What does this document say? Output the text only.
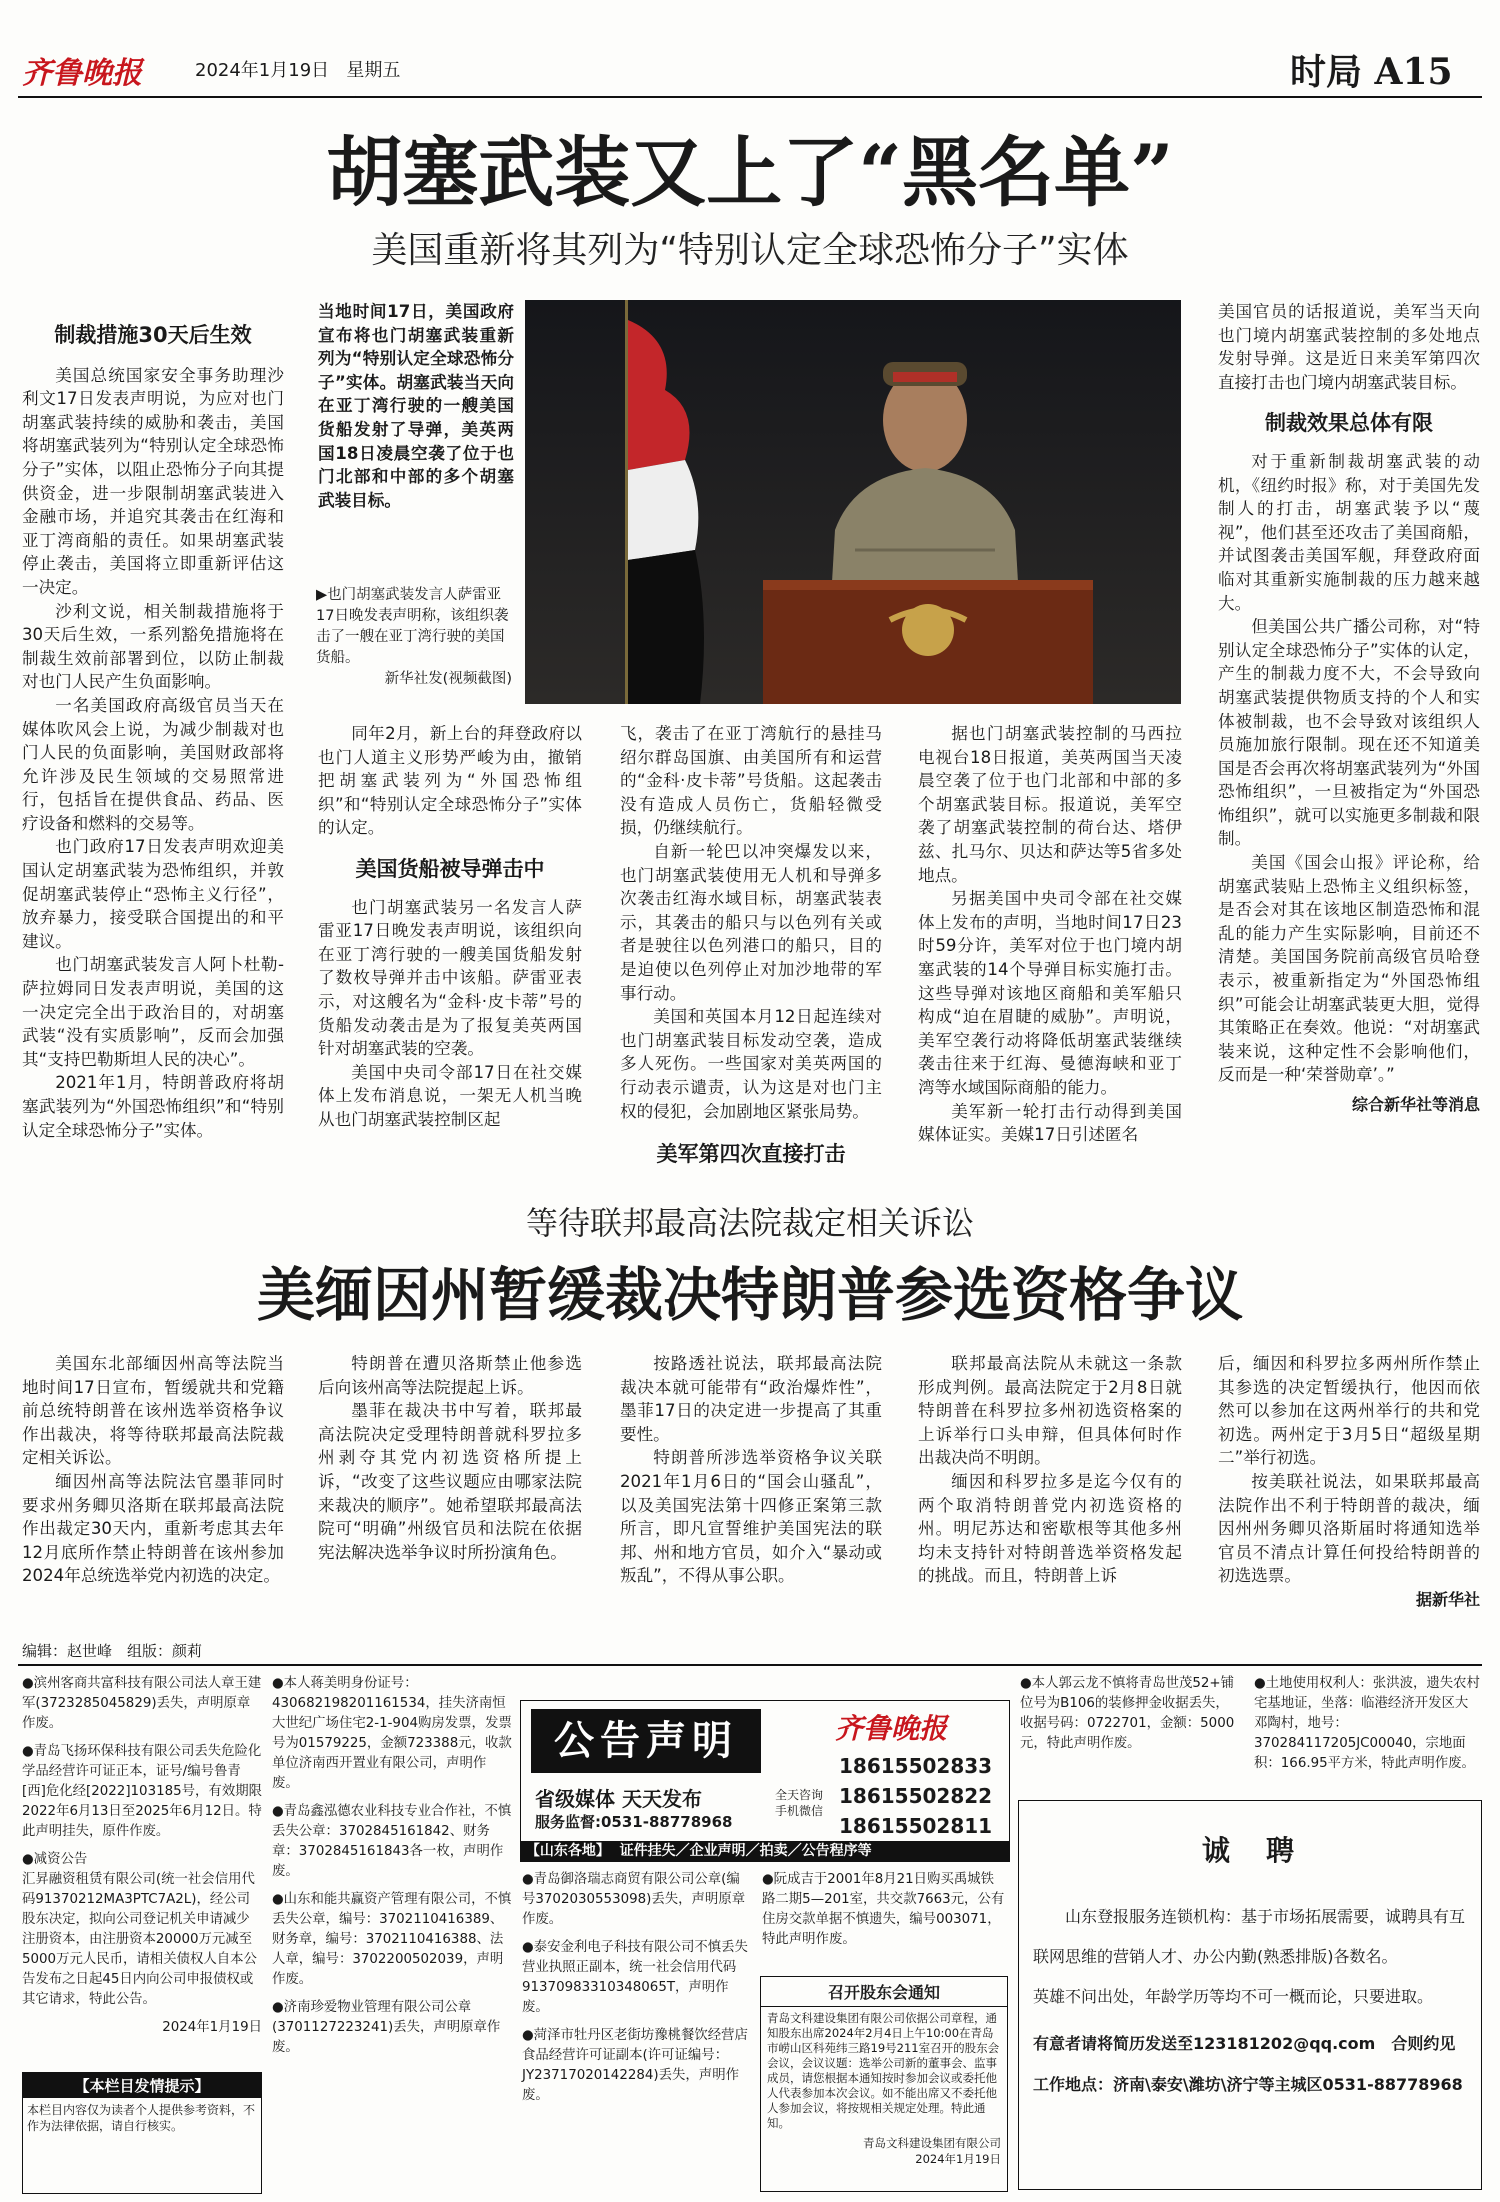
齐鲁晚报	2024年1月19日 星期五	时局 A15
胡塞武装又上了“黑名单”
美国重新将其列为“特别认定全球恐怖分子”实体
制裁措施30天后生效

美国总统国家安全事务助理沙利文17日发表声明说，为应对也门胡塞武装持续的威胁和袭击，美国将胡塞武装列为“特别认定全球恐怖分子”实体，以阻止恐怖分子向其提供资金，进一步限制胡塞武装进入金融市场，并追究其袭击在红海和亚丁湾商船的责任。如果胡塞武装停止袭击，美国将立即重新评估这一决定。

沙利文说，相关制裁措施将于30天后生效，一系列豁免措施将在制裁生效前部署到位，以防止制裁对也门人民产生负面影响。

一名美国政府高级官员当天在媒体吹风会上说，为减少制裁对也门人民的负面影响，美国财政部将允许涉及民生领域的交易照常进行，包括旨在提供食品、药品、医疗设备和燃料的交易等。

也门政府17日发表声明欢迎美国认定胡塞武装为恐怖组织，并敦促胡塞武装停止“恐怖主义行径”，放弃暴力，接受联合国提出的和平建议。

也门胡塞武装发言人阿卜杜勒-萨拉姆同日发表声明说，美国的这一决定完全出于政治目的，对胡塞武装“没有实质影响”，反而会加强其“支持巴勒斯坦人民的决心”。

2021年1月，特朗普政府将胡塞武装列为“外国恐怖组织”和“特别认定全球恐怖分子”实体。

当地时间17日，美国政府宣布将也门胡塞武装重新列为“特别认定全球恐怖分子”实体。胡塞武装当天向在亚丁湾行驶的一艘美国货船发射了导弹，美英两国18日凌晨空袭了位于也门北部和中部的多个胡塞武装目标。
▶也门胡塞武装发言人萨雷亚17日晚发表声明称，该组织袭击了一艘在亚丁湾行驶的美国货船。
新华社发(视频截图)

同年2月，新上台的拜登政府以也门人道主义形势严峻为由，撤销把胡塞武装列为“外国恐怖组织”和“特别认定全球恐怖分子”实体的认定。

美国货船被导弹击中

也门胡塞武装另一名发言人萨雷亚17日晚发表声明说，该组织向在亚丁湾行驶的一艘美国货船发射了数枚导弹并击中该船。萨雷亚表示，对这艘名为“金科·皮卡蒂”号的货船发动袭击是为了报复美英两国针对胡塞武装的空袭。

美国中央司令部17日在社交媒体上发布消息说，一架无人机当晚从也门胡塞武装控制区起

飞，袭击了在亚丁湾航行的悬挂马绍尔群岛国旗、由美国所有和运营的“金科·皮卡蒂”号货船。这起袭击没有造成人员伤亡，货船轻微受损，仍继续航行。

自新一轮巴以冲突爆发以来，也门胡塞武装使用无人机和导弹多次袭击红海水域目标，胡塞武装表示，其袭击的船只与以色列有关或者是驶往以色列港口的船只，目的是迫使以色列停止对加沙地带的军事行动。

美国和英国本月12日起连续对也门胡塞武装目标发动空袭，造成多人死伤。一些国家对美英两国的行动表示谴责，认为这是对也门主权的侵犯，会加剧地区紧张局势。

美军第四次直接打击

据也门胡塞武装控制的马西拉电视台18日报道，美英两国当天凌晨空袭了位于也门北部和中部的多个胡塞武装目标。报道说，美军空袭了胡塞武装控制的荷台达、塔伊兹、扎马尔、贝达和萨达等5省多处地点。

另据美国中央司令部在社交媒体上发布的声明，当地时间17日23时59分许，美军对位于也门境内胡塞武装的14个导弹目标实施打击。这些导弹对该地区商船和美军船只构成“迫在眉睫的威胁”。声明说，美军空袭行动将降低胡塞武装继续袭击往来于红海、曼德海峡和亚丁湾等水域国际商船的能力。

美军新一轮打击行动得到美国媒体证实。美媒17日引述匿名

美国官员的话报道说，美军当天向也门境内胡塞武装控制的多处地点发射导弹。这是近日来美军第四次直接打击也门境内胡塞武装目标。

制裁效果总体有限

对于重新制裁胡塞武装的动机，《纽约时报》称，对于美国先发制人的打击，胡塞武装予以“蔑视”，他们甚至还攻击了美国商船，并试图袭击美国军舰，拜登政府面临对其重新实施制裁的压力越来越大。

但美国公共广播公司称，对“特别认定全球恐怖分子”实体的认定，产生的制裁力度不大，不会导致向胡塞武装提供物质支持的个人和实体被制裁，也不会导致对该组织人员施加旅行限制。现在还不知道美国是否会再次将胡塞武装列为“外国恐怖组织”，一旦被指定为“外国恐怖组织”，就可以实施更多制裁和限制。

美国《国会山报》评论称，给胡塞武装贴上恐怖主义组织标签，是否会对其在该地区制造恐怖和混乱的能力产生实际影响，目前还不清楚。美国国务院前高级官员哈登表示，被重新指定为“外国恐怖组织”可能会让胡塞武装更大胆，觉得其策略正在奏效。他说：“对胡塞武装来说，这种定性不会影响他们，反而是一种‘荣誉勋章’。”

综合新华社等消息
等待联邦最高法院裁定相关诉讼
美缅因州暂缓裁决特朗普参选资格争议

美国东北部缅因州高等法院当地时间17日宣布，暂缓就共和党籍前总统特朗普在该州选举资格争议作出裁决，将等待联邦最高法院裁定相关诉讼。

缅因州高等法院法官墨菲同时要求州务卿贝洛斯在联邦最高法院作出裁定30天内，重新考虑其去年12月底所作禁止特朗普在该州参加2024年总统选举党内初选的决定。

特朗普在遭贝洛斯禁止他参选后向该州高等法院提起上诉。

墨菲在裁决书中写着，联邦最高法院决定受理特朗普就科罗拉多州剥夺其党内初选资格所提上诉，“改变了这些议题应由哪家法院来裁决的顺序”。她希望联邦最高法院可“明确”州级官员和法院在依据宪法解决选举争议时所扮演角色。

按路透社说法，联邦最高法院裁决本就可能带有“政治爆炸性”，墨菲17日的决定进一步提高了其重要性。

特朗普所涉选举资格争议关联2021年1月6日的“国会山骚乱”，以及美国宪法第十四修正案第三款所言，即凡宣誓维护美国宪法的联邦、州和地方官员，如介入“暴动或叛乱”，不得从事公职。

联邦最高法院从未就这一条款形成判例。最高法院定于2月8日就特朗普在科罗拉多州初选资格案的上诉举行口头申辩，但具体何时作出裁决尚不明朗。

缅因和科罗拉多是迄今仅有的两个取消特朗普党内初选资格的州。明尼苏达和密歇根等其他多州均未支持针对特朗普选举资格发起的挑战。而且，特朗普上诉

后，缅因和科罗拉多两州所作禁止其参选的决定暂缓执行，他因而依然可以参加在这两州举行的共和党初选。两州定于3月5日“超级星期二”举行初选。

按美联社说法，如果联邦最高法院作出不利于特朗普的裁决，缅因州州务卿贝洛斯届时将通知选举官员不清点计算任何投给特朗普的初选选票。

据新华社
编辑：赵世峰　组版：颜莉

●滨州客商共富科技有限公司法人章王建军(3723285045829)丢失，声明原章作废。

●青岛飞扬环保科技有限公司丢失危险化学品经营许可证正本，证号/编号鲁青[西]危化经[2022]103185号，有效期限2022年6月13日至2025年6月12日。特此声明挂失，原件作废。

●减资公告

汇昇融资租赁有限公司(统一社会信用代码91370212MA3PTC7A2L)，经公司股东决定，拟向公司登记机关申请减少注册资本，由注册资本20000万元减至5000万元人民币，请相关债权人自本公告发布之日起45日内向公司申报债权或其它请求，特此公告。

2024年1月19日

【本栏目发情提示】
本栏目内容仅为读者个人提供参考资料，不作为法律依据，请自行核实。

●本人蒋美明身份证号：430682198201161534，挂失济南恒大世纪广场住宅2-1-904购房发票，发票号为01579225，金额723388元，收款单位济南西开置业有限公司，声明作废。

●青岛鑫泓德农业科技专业合作社，不慎丢失公章：3702845161842、财务章：3702845161843各一枚，声明作废。

●山东和能共赢资产管理有限公司，不慎丢失公章，编号：3702110416389、财务章，编号：3702110416388、法人章，编号：3702200502039，声明作废。

●济南珍爱物业管理有限公司公章(3701127223241)丢失，声明原章作废。

公告声明
省级媒体 天天发布
服务监督:0531-88778968
全天咨询 手机微信
齐鲁晚报
18615502833
18615502822
18615502811
【山东各地】 证件挂失／企业声明／拍卖／公告程序等

●青岛御洛瑞志商贸有限公司公章(编号3702030553098)丢失，声明原章作废。

●泰安金利电子科技有限公司不慎丢失营业执照正副本，统一社会信用代码91370983310348065T，声明作废。

●菏泽市牡丹区老街坊豫桃餐饮经营店食品经营许可证副本(许可证编号：JY23717020142284)丢失，声明作废。

●阮成吉于2001年8月21日购买禹城铁路二期5—201室，共交款7663元，公有住房交款单据不慎遗失，编号003071，特此声明作废。

召开股东会通知
青岛文科建设集团有限公司依据公司章程，通知股东出席2024年2月4日上午10:00在青岛市崂山区科苑纬三路19号211室召开的股东会会议，会议议题：选举公司新的董事会、监事成员，请您根据本通知按时参加会议或委托他人代表参加本次会议。如不能出席又不委托他人参加会议，将按规相关规定处理。特此通知。
青岛文科建设集团有限公司
2024年1月19日

●本人郭云龙不慎将青岛世茂52+铺位号为B106的装修押金收据丢失，收据号码：0722701，金额：5000元，特此声明作废。

●土地使用权利人：张洪波，遗失农村宅基地证，坐落：临港经济开发区大邓陶村，地号：370284117205JC00040，宗地面积：166.95平方米，特此声明作废。

诚　聘
山东登报服务连锁机构：基于市场拓展需要，诚聘具有互联网思维的营销人才、办公内勤(熟悉排版)各数名。
英雄不问出处，年龄学历等均不可一概而论，只要进取。
有意者请将简历发送至123181202@qq.com　合则约见
工作地点：济南\泰安\潍坊\济宁等主城区0531-88778968
